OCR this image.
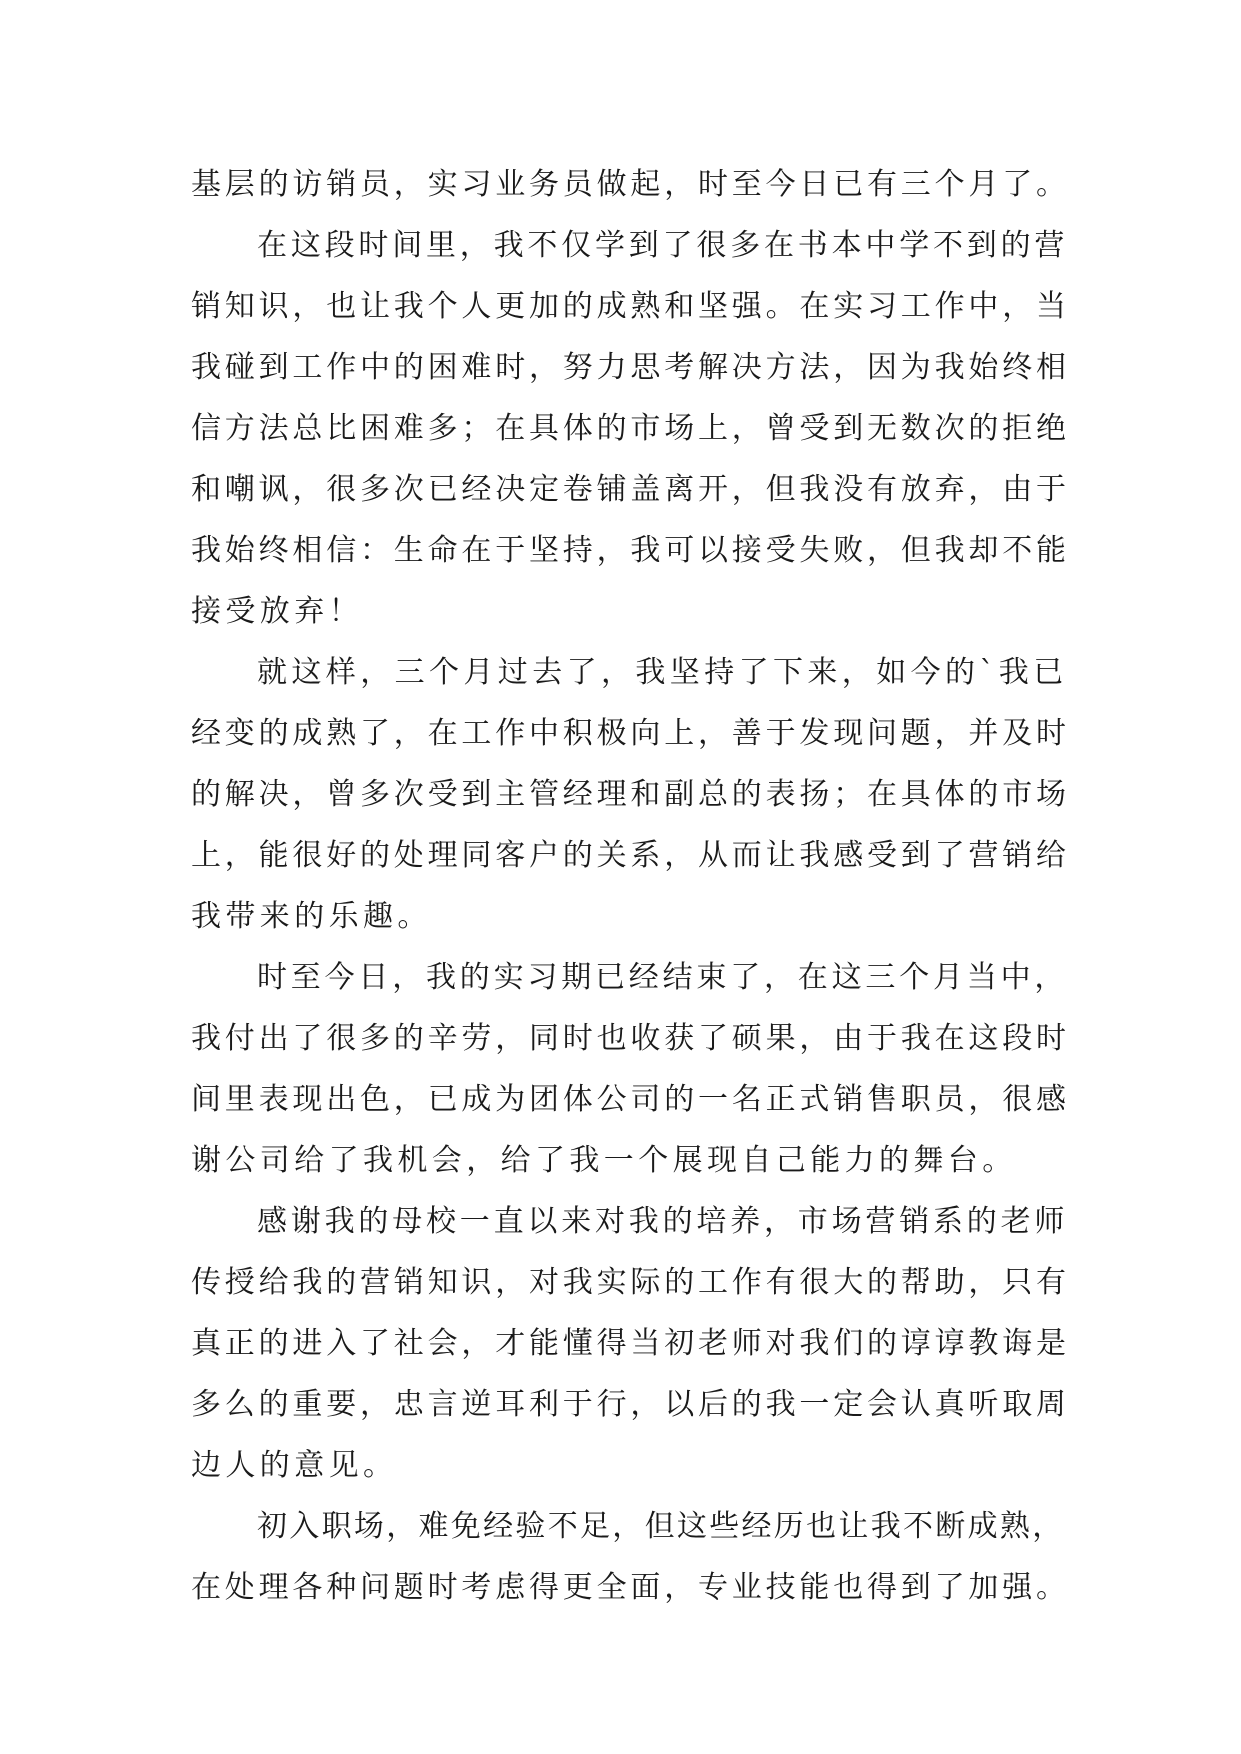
基层的访销员，实习业务员做起，时至今日已有三个月了。
在这段时间里，我不仅学到了很多在书本中学不到的营
销知识，也让我个人更加的成熟和坚强。在实习工作中，当
我碰到工作中的困难时，努力思考解决方法，因为我始终相
信方法总比困难多；在具体的市场上，曾受到无数次的拒绝
和嘲讽，很多次已经决定卷铺盖离开，但我没有放弃，由于
我始终相信：生命在于坚持，我可以接受失败，但我却不能
接受放弃！
就这样，三个月过去了，我坚持了下来，如今的`我已
经变的成熟了，在工作中积极向上，善于发现问题，并及时
的解决，曾多次受到主管经理和副总的表扬；在具体的市场
上，能很好的处理同客户的关系，从而让我感受到了营销给
我带来的乐趣。
时至今日，我的实习期已经结束了，在这三个月当中，
我付出了很多的辛劳，同时也收获了硕果，由于我在这段时
间里表现出色，已成为团体公司的一名正式销售职员，很感
谢公司给了我机会，给了我一个展现自己能力的舞台。
感谢我的母校一直以来对我的培养，市场营销系的老师
传授给我的营销知识，对我实际的工作有很大的帮助，只有
真正的进入了社会，才能懂得当初老师对我们的谆谆教诲是
多么的重要，忠言逆耳利于行，以后的我一定会认真听取周
边人的意见。
初入职场，难免经验不足，但这些经历也让我不断成熟，
在处理各种问题时考虑得更全面，专业技能也得到了加强。
